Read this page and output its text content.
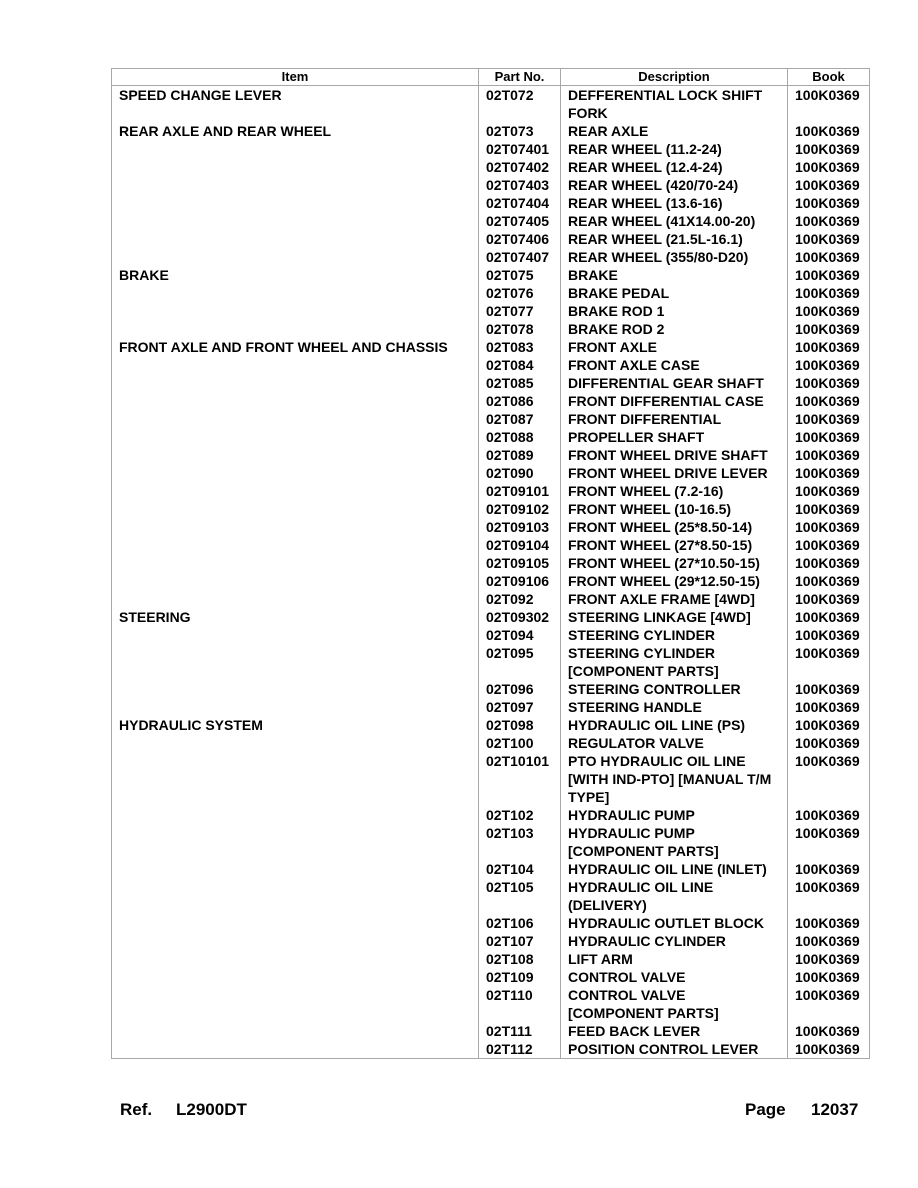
Item	Part No.	Description	Book
SPEED CHANGE LEVER	02T072	DEFFERENTIAL LOCK SHIFT FORK	100K0369
REAR AXLE AND REAR WHEEL	02T073	REAR AXLE	100K0369
	02T07401	REAR WHEEL (11.2-24)	100K0369
	02T07402	REAR WHEEL (12.4-24)	100K0369
	02T07403	REAR WHEEL (420/70-24)	100K0369
	02T07404	REAR WHEEL (13.6-16)	100K0369
	02T07405	REAR WHEEL (41X14.00-20)	100K0369
	02T07406	REAR WHEEL (21.5L-16.1)	100K0369
	02T07407	REAR WHEEL (355/80-D20)	100K0369
BRAKE	02T075	BRAKE	100K0369
	02T076	BRAKE PEDAL	100K0369
	02T077	BRAKE ROD 1	100K0369
	02T078	BRAKE ROD 2	100K0369
FRONT AXLE AND FRONT WHEEL AND CHASSIS	02T083	FRONT AXLE	100K0369
	02T084	FRONT AXLE CASE	100K0369
	02T085	DIFFERENTIAL GEAR SHAFT	100K0369
	02T086	FRONT DIFFERENTIAL CASE	100K0369
	02T087	FRONT DIFFERENTIAL	100K0369
	02T088	PROPELLER SHAFT	100K0369
	02T089	FRONT WHEEL DRIVE SHAFT	100K0369
	02T090	FRONT WHEEL DRIVE LEVER	100K0369
	02T09101	FRONT WHEEL (7.2-16)	100K0369
	02T09102	FRONT WHEEL (10-16.5)	100K0369
	02T09103	FRONT WHEEL (25*8.50-14)	100K0369
	02T09104	FRONT WHEEL (27*8.50-15)	100K0369
	02T09105	FRONT WHEEL (27*10.50-15)	100K0369
	02T09106	FRONT WHEEL (29*12.50-15)	100K0369
	02T092	FRONT AXLE FRAME [4WD]	100K0369
STEERING	02T09302	STEERING LINKAGE [4WD]	100K0369
	02T094	STEERING CYLINDER	100K0369
	02T095	STEERING CYLINDER [COMPONENT PARTS]	100K0369
	02T096	STEERING CONTROLLER	100K0369
	02T097	STEERING HANDLE	100K0369
HYDRAULIC SYSTEM	02T098	HYDRAULIC OIL LINE (PS)	100K0369
	02T100	REGULATOR VALVE	100K0369
	02T10101	PTO HYDRAULIC OIL LINE [WITH IND-PTO] [MANUAL T/M TYPE]	100K0369
	02T102	HYDRAULIC PUMP	100K0369
	02T103	HYDRAULIC PUMP [COMPONENT PARTS]	100K0369
	02T104	HYDRAULIC OIL LINE (INLET)	100K0369
	02T105	HYDRAULIC OIL LINE (DELIVERY)	100K0369
	02T106	HYDRAULIC OUTLET BLOCK	100K0369
	02T107	HYDRAULIC CYLINDER	100K0369
	02T108	LIFT ARM	100K0369
	02T109	CONTROL VALVE	100K0369
	02T110	CONTROL VALVE [COMPONENT PARTS]	100K0369
	02T111	FEED BACK LEVER	100K0369
	02T112	POSITION CONTROL LEVER	100K0369
Ref. L2900DT	Page 12037
